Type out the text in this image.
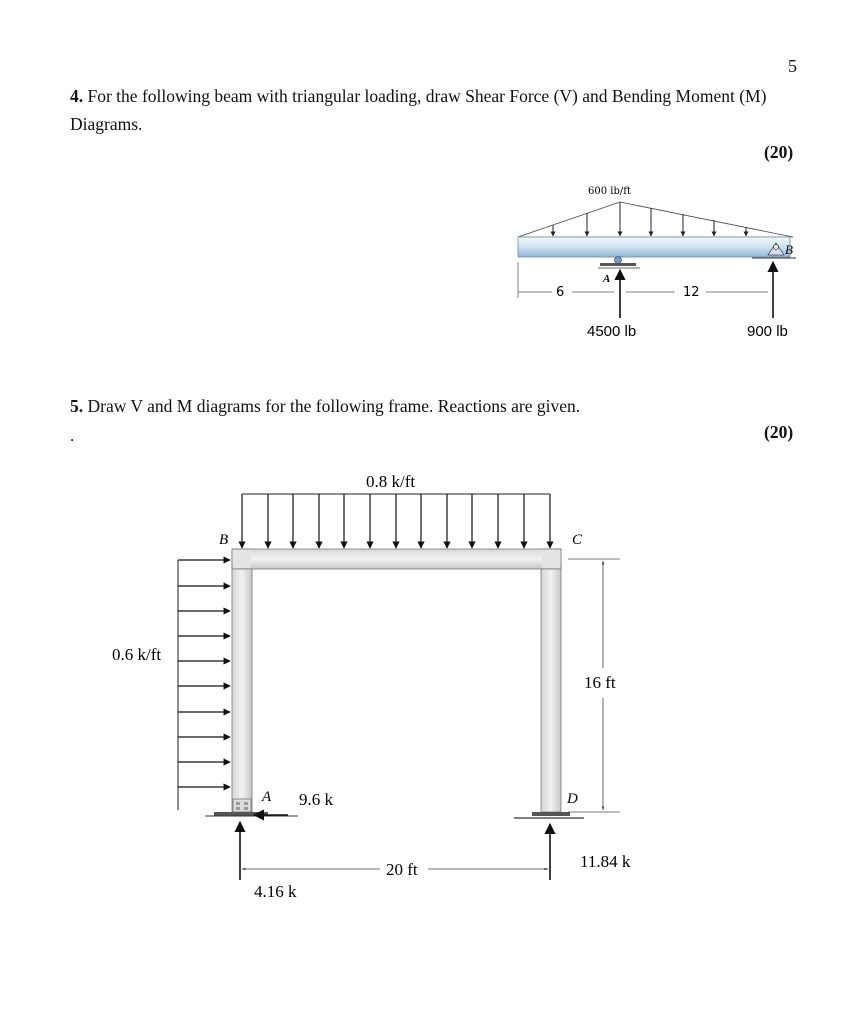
5
4. For the following beam with triangular loading, draw Shear Force (V) and Bending Moment (M) Diagrams.
(20)
5. Draw V and M diagrams for the following frame. Reactions are given.
.	(20)
600 lb/ft
A
B
6	12
4500 lb	900 lb
0.8 k/ft
0.6 k/ft
B	C
A	D
9.6 k
4.16 k
11.84 k
16 ft
20 ft
